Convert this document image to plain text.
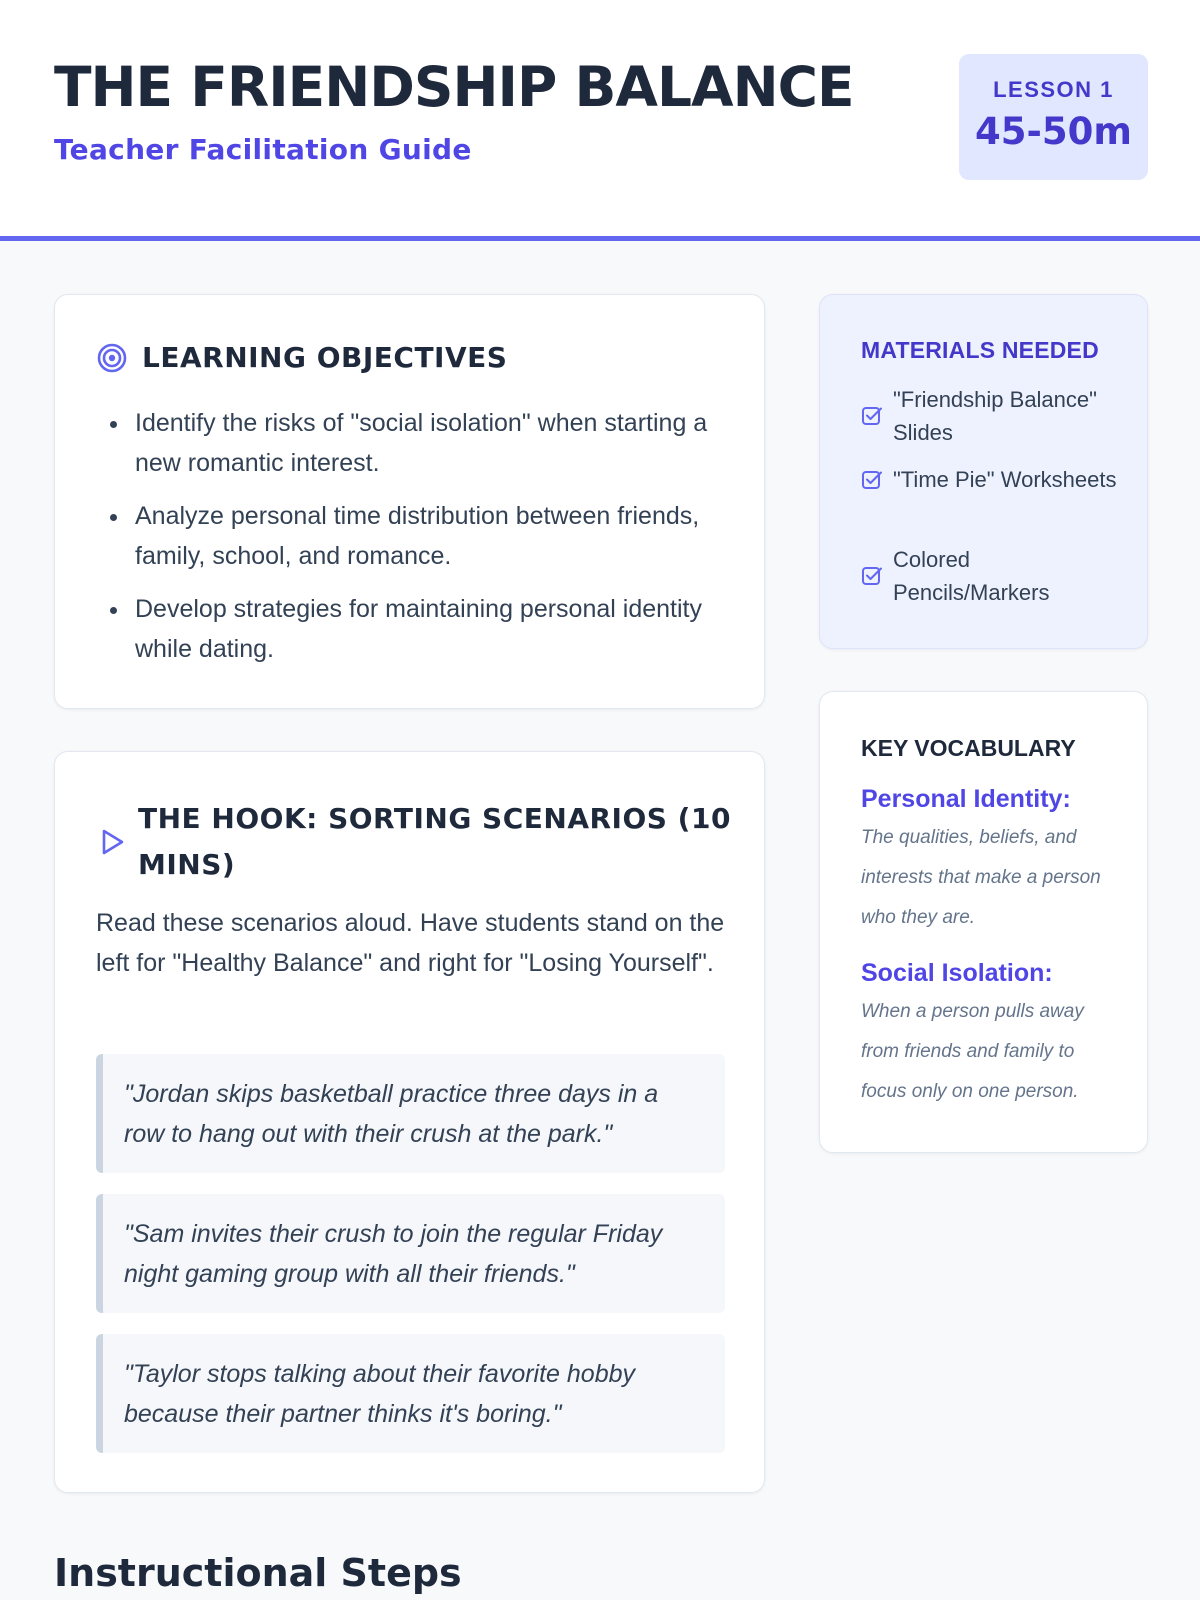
THE FRIENDSHIP BALANCE
Teacher Facilitation Guide
LESSON 1
45-50m
LEARNING OBJECTIVES
Identify the risks of "social isolation" when starting a new romantic interest.
Analyze personal time distribution between friends, family, school, and romance.
Develop strategies for maintaining personal identity while dating.
THE HOOK: SORTING SCENARIOS (10 MINS)

Read these scenarios aloud. Have students stand on the left for "Healthy Balance" and right for "Losing Yourself".

"Jordan skips basketball practice three days in a row to hang out with their crush at the park."
"Sam invites their crush to join the regular Friday night gaming group with all their friends."
"Taylor stops talking about their favorite hobby because their partner thinks it's boring."
MATERIALS NEEDED
"Friendship Balance" Slides
"Time Pie" Worksheets
Colored Pencils/Markers
KEY VOCABULARY
Personal Identity:

The qualities, beliefs, and interests that make a person who they are.

Social Isolation:

When a person pulls away from friends and family to focus only on one person.

Instructional Steps
